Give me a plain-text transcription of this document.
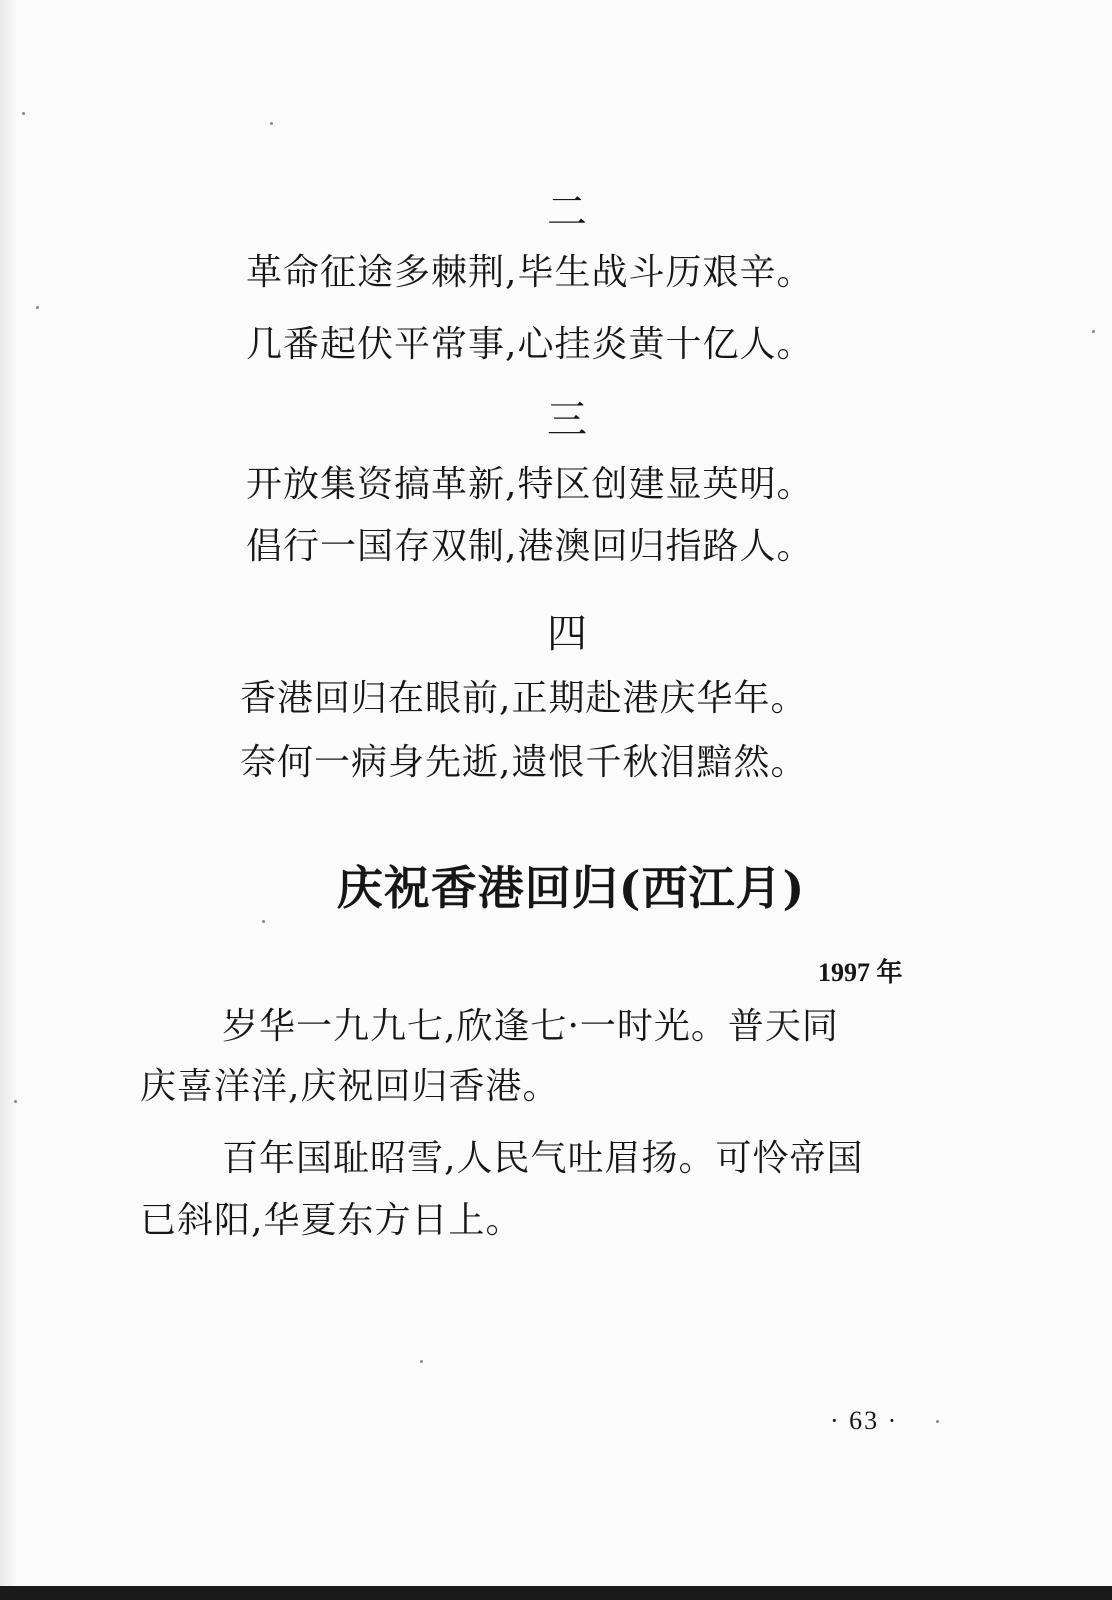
二
革命征途多棘荆,毕生战斗历艰辛。
几番起伏平常事,心挂炎黄十亿人。
三
开放集资搞革新,特区创建显英明。
倡行一国存双制,港澳回归指路人。
四
香港回归在眼前,正期赴港庆华年。
奈何一病身先逝,遗恨千秋泪黯然。
庆祝香港回归(西江月)
1997 年
岁华一九九七,欣逢七·一时光。普天同
庆喜洋洋,庆祝回归香港。
百年国耻昭雪,人民气吐眉扬。可怜帝国
已斜阳,华夏东方日上。
· 63 ·
